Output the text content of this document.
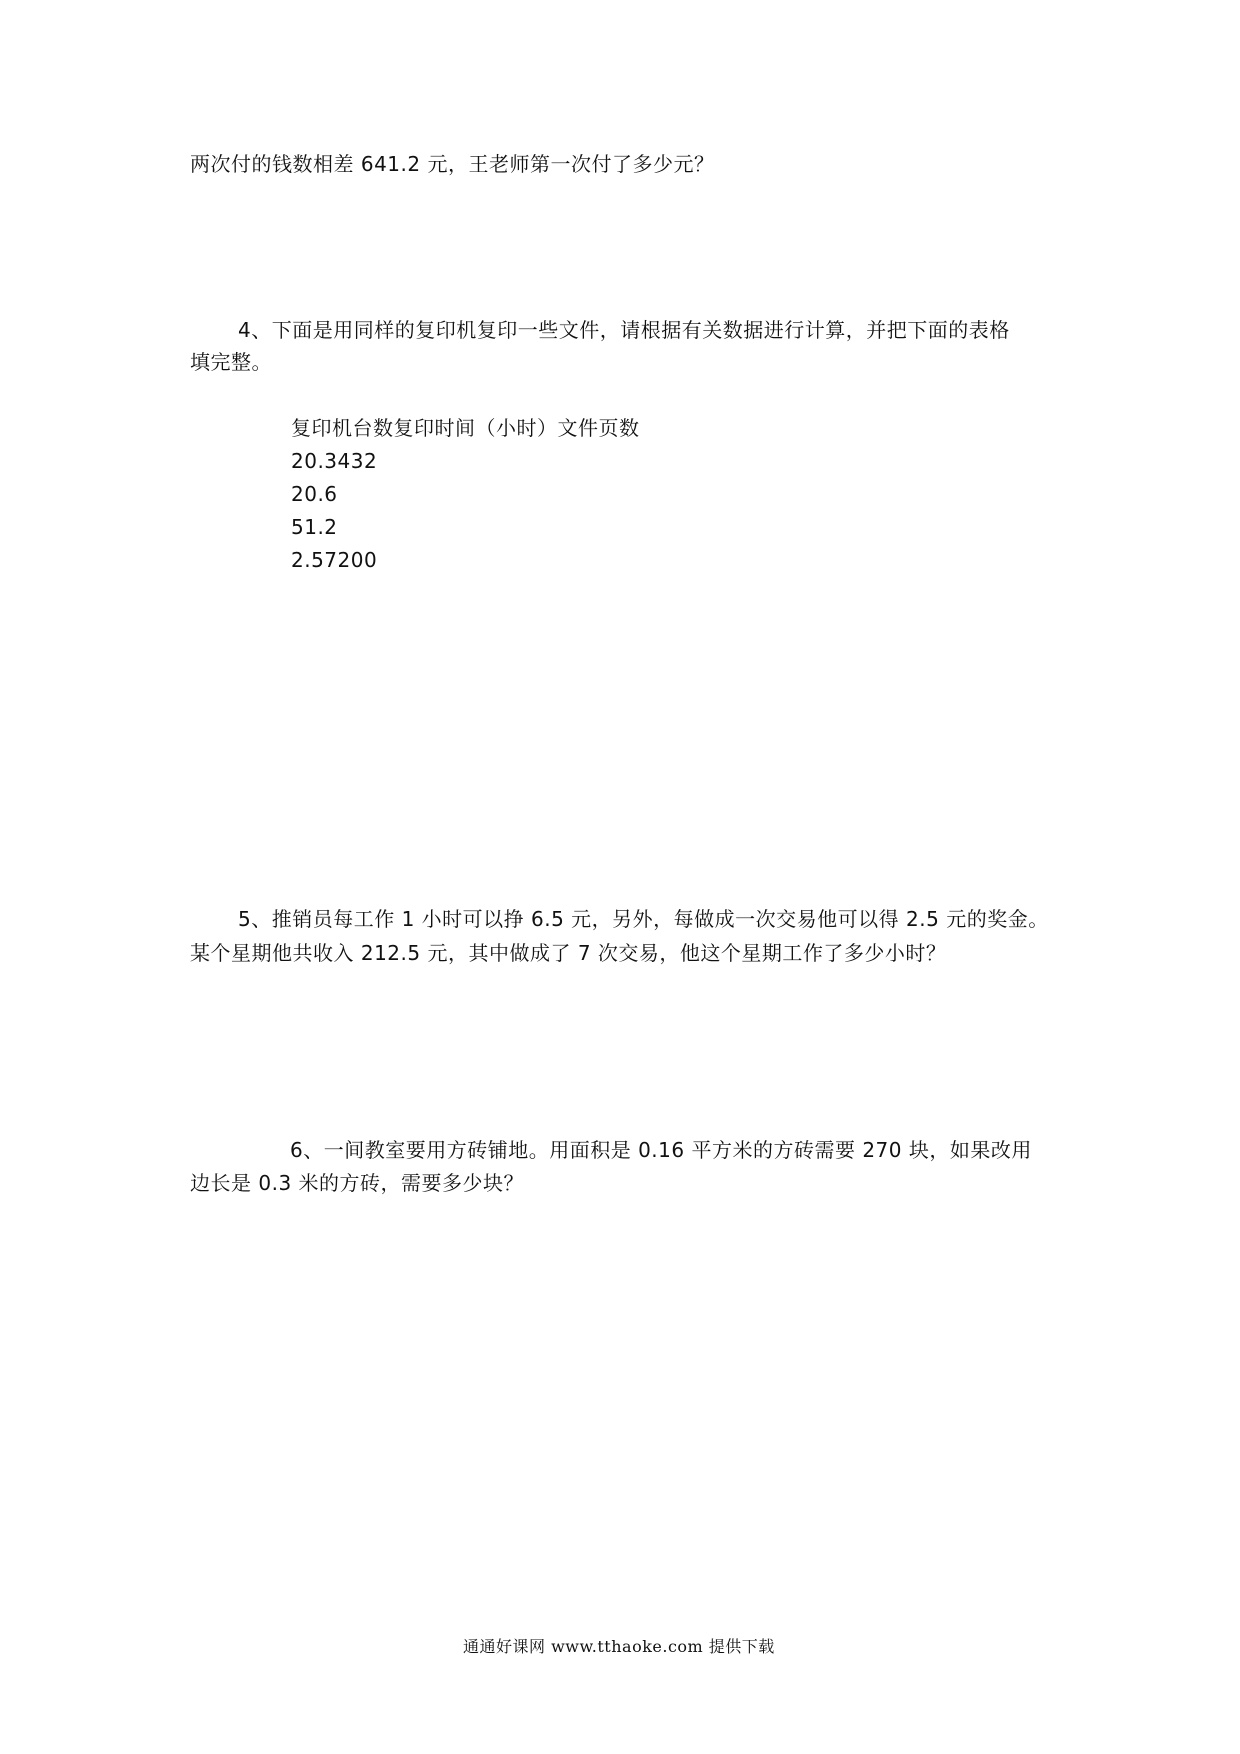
两次付的钱数相差 641.2 元，王老师第一次付了多少元？
4、下面是用同样的复印机复印一些文件，请根据有关数据进行计算，并把下面的表格
填完整。
复印机台数复印时间（小时）文件页数
20.3432
20.6
51.2
2.57200
5、推销员每工作 1 小时可以挣 6.5 元，另外，每做成一次交易他可以得 2.5 元的奖金。
某个星期他共收入 212.5 元，其中做成了 7 次交易，他这个星期工作了多少小时？
6、一间教室要用方砖铺地。用面积是 0.16 平方米的方砖需要 270 块，如果改用
边长是 0.3 米的方砖，需要多少块？
通通好课网 www.tthaoke.com 提供下载
